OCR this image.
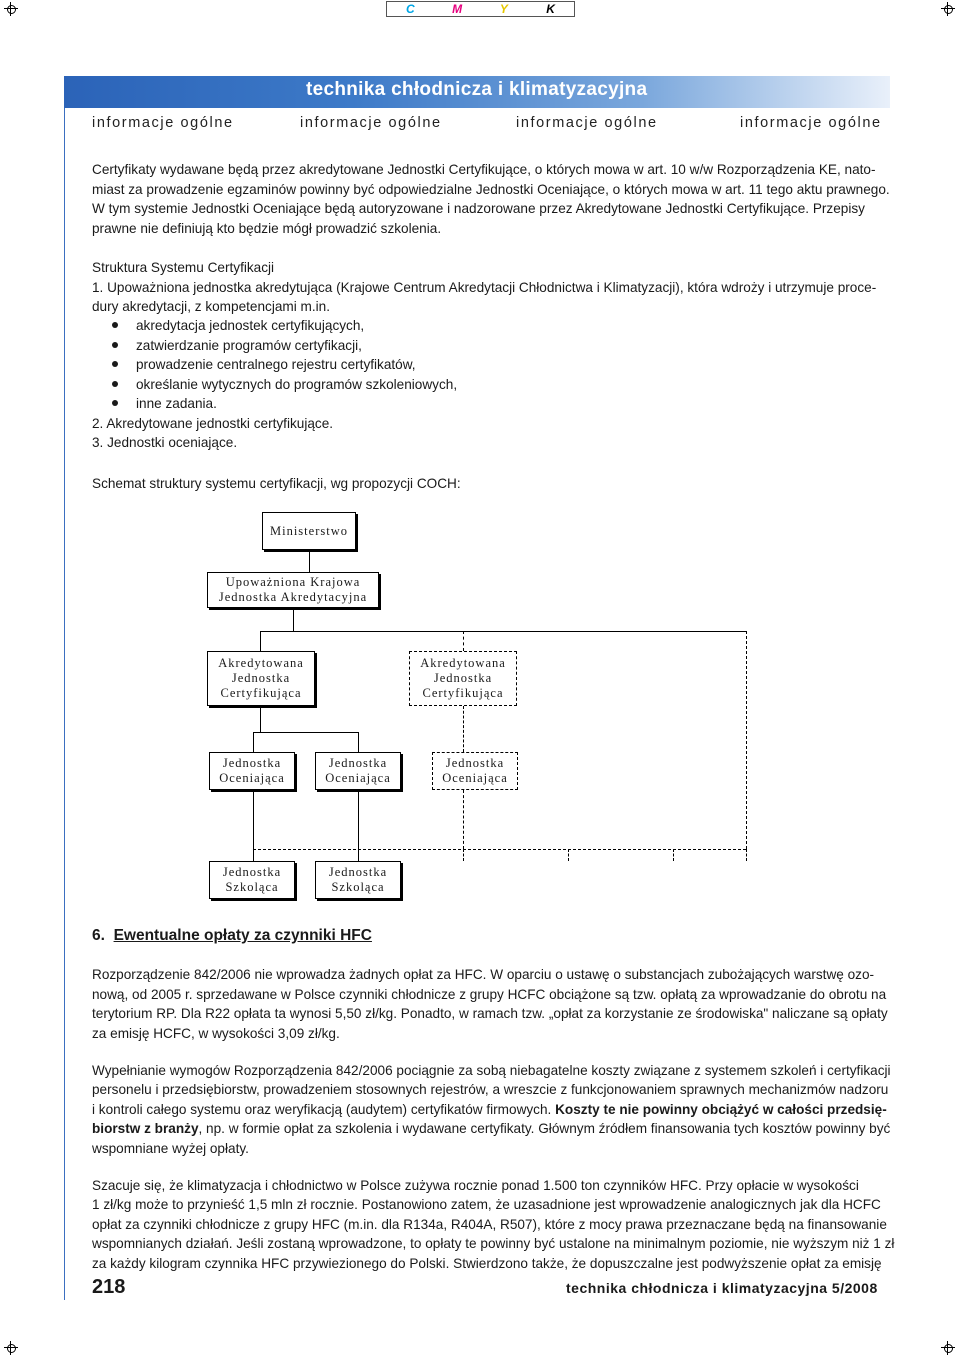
C	M	Y	K
technika chłodnicza i klimatyzacyjna
informacje ogólne	informacje ogólne	informacje ogólne	informacje ogólne
Certyfikaty wydawane będą przez akredytowane Jednostki Certyfikujące, o których mowa w art. 10 w/w Rozporządzenia KE, nato-
miast za prowadzenie egzaminów powinny być odpowiedzialne Jednostki Oceniające, o których mowa w art. 11 tego aktu prawnego.
W tym systemie Jednostki Oceniające będą autoryzowane i nadzorowane przez Akredytowane Jednostki Certyfikujące. Przepisy
prawne nie definiują kto będzie mógł prowadzić szkolenia.
Struktura Systemu Certyfikacji
1. Upoważniona jednostka akredytująca (Krajowe Centrum Akredytacji Chłodnictwa i Klimatyzacji), która wdroży i utrzymuje proce-
dury akredytacji, z kompetencjami m.in.
akredytacja jednostek certyfikujących,
zatwierdzanie programów certyfikacji,
prowadzenie centralnego rejestru certyfikatów,
określanie wytycznych do programów szkoleniowych,
inne zadania.
2. Akredytowane jednostki certyfikujące.
3. Jednostki oceniające.
Schemat struktury systemu certyfikacji, wg propozycji COCH:
Ministerstwo
Upoważniona Krajowa
Jednostka Akredytacyjna
Akredytowana
Jednostka
Certyfikująca
Akredytowana
Jednostka
Certyfikująca
Jednostka
Oceniająca
Jednostka
Oceniająca
Jednostka
Oceniająca
Jednostka
Szkoląca
Jednostka
Szkoląca
6. Ewentualne opłaty za czynniki HFC
Rozporządzenie 842/2006 nie wprowadza żadnych opłat za HFC. W oparciu o ustawę o substancjach zubożających warstwę ozo-
nową, od 2005 r. sprzedawane w Polsce czynniki chłodnicze z grupy HCFC obciążone są tzw. opłatą za wprowadzanie do obrotu na
terytorium RP. Dla R22 opłata ta wynosi 5,50 zł/kg. Ponadto, w ramach tzw. „opłat za korzystanie ze środowiska" naliczane są opłaty
za emisję HCFC, w wysokości 3,09 zł/kg.
Wypełnianie wymogów Rozporządzenia 842/2006 pociągnie za sobą niebagatelne koszty związane z systemem szkoleń i certyfikacji
personelu i przedsiębiorstw, prowadzeniem stosownych rejestrów, a wreszcie z funkcjonowaniem sprawnych mechanizmów nadzoru
i kontroli całego systemu oraz weryfikacją (audytem) certyfikatów firmowych. Koszty te nie powinny obciążyć w całości przedsię-
biorstw z branży, np. w formie opłat za szkolenia i wydawane certyfikaty. Głównym źródłem finansowania tych kosztów powinny być
wspomniane wyżej opłaty.
Szacuje się, że klimatyzacja i chłodnictwo w Polsce zużywa rocznie ponad 1.500 ton czynników HFC. Przy opłacie w wysokości
1 zł/kg może to przynieść 1,5 mln zł rocznie. Postanowiono zatem, że uzasadnione jest wprowadzenie analogicznych jak dla HCFC
opłat za czynniki chłodnicze z grupy HFC (m.in. dla R134a, R404A, R507), które z mocy prawa przeznaczane będą na finansowanie
wspomnianych działań. Jeśli zostaną wprowadzone, to opłaty te powinny być ustalone na minimalnym poziomie, nie wyższym niż 1 zł
za każdy kilogram czynnika HFC przywiezionego do Polski. Stwierdzono także, że dopuszczalne jest podwyższenie opłat za emisję
218	technika chłodnicza i klimatyzacyjna 5/2008
